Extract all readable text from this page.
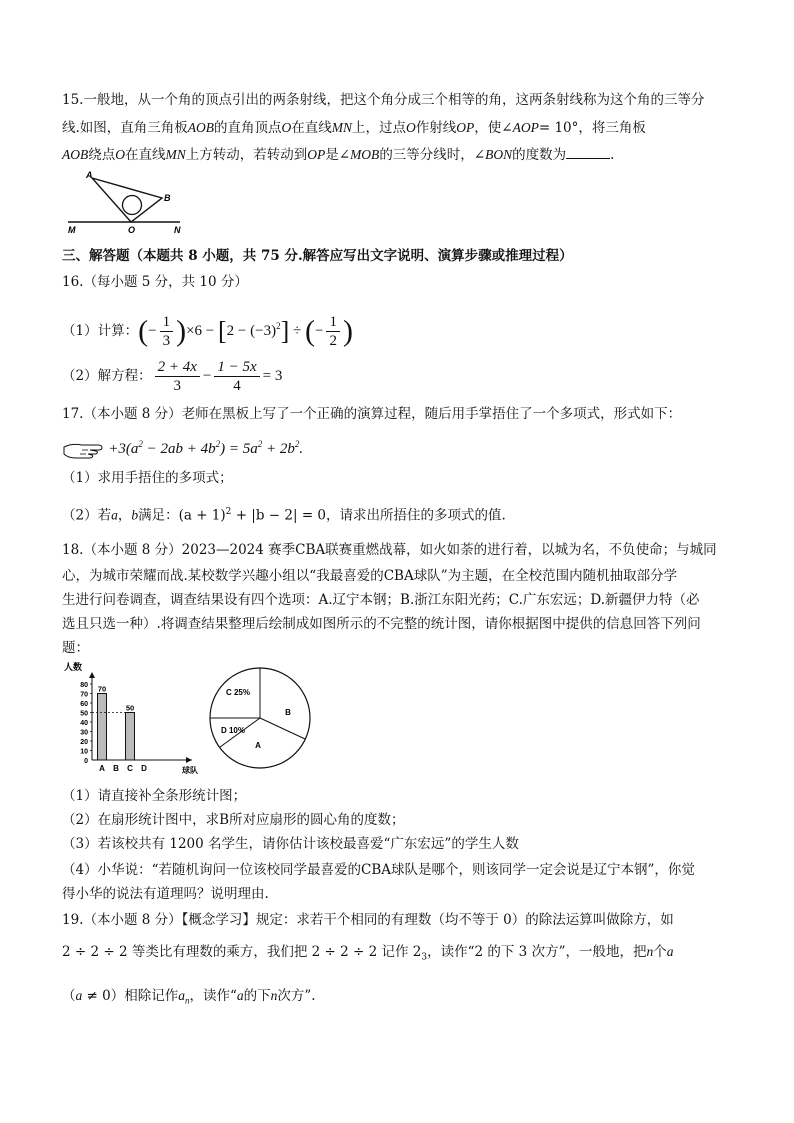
15.一般地，从一个角的顶点引出的两条射线，把这个角分成三个相等的角，这两条射线称为这个角的三等分
线.如图，直角三角板AOB的直角顶点O在直线MN上，过点O作射线OP，使∠AOP= 10°，将三角板
AOB绕点O在直线MN上方转动，若转动到OP是∠MOB的三等分线时，∠BON的度数为	.
A
B
O
M	N
三、解答题（本题共 8 小题，共 75 分.解答应写出文字说明、演算步骤或推理过程）
16.（每小题 5 分，共 10 分）
（1）计算：(− $\frac{1}{3} )\times 6 - [2 - (-3)^2]$ ÷ (− $\frac{1}{2}$ )
（2）解方程： $\frac{2 + 4x}{3} - \frac{1 - 5x}{4} = 3$
17.（本小题 8 分）老师在黑板上写了一个正确的演算过程，随后用手掌捂住了一个多项式，形式如下：
$+3(a^2 - 2ab + 4b^2) = 5a^2 + 2b^2$.
（1）求用手捂住的多项式；
（2）若a，b满足：$(a + 1)^2 + |b - 2| = 0$，请求出所捂住的多项式的值.
18.（本小题 8 分）2023—2024 赛季CBA联赛重燃战幕，如火如荼的进行着，以城为名，不负使命；与城同
心，为城市荣耀而战.某校数学兴趣小组以“我最喜爱的CBA球队”为主题，在全校范围内随机抽取部分学
生进行问卷调查，调查结果设有四个选项：A.辽宁本钢；B.浙江东阳光药；C.广东宏远；D.新疆伊力特（必
选且只选一种）.将调查结果整理后绘制成如图所示的不完整的统计图，请你根据图中提供的信息回答下列问
题：
人数
球队
10
20
30
40
50
60
70
80
0
A B C D
70
50
C 25%
B
D 10%
A
（1）请直接补全条形统计图；
（2）在扇形统计图中，求B所对应扇形的圆心角的度数；
（3）若该校共有 1200 名学生，请你估计该校最喜爱“广东宏远”的学生人数
（4）小华说：“若随机询问一位该校同学最喜爱的CBA球队是哪个，则该同学一定会说是辽宁本钢”，你觉
得小华的说法有道理吗？说明理由.
19.（本小题 8 分）【概念学习】规定：求若干个相同的有理数（均不等于 0）的除法运算叫做除方，如
2 ÷ 2 ÷ 2 等类比有理数的乘方，我们把 2 ÷ 2 ÷ 2 记作 $2_3$，读作“2 的下 3 次方”，一般地，把n个a
（a ≠ 0）相除记作$a_n$，读作“a的下n次方”.
